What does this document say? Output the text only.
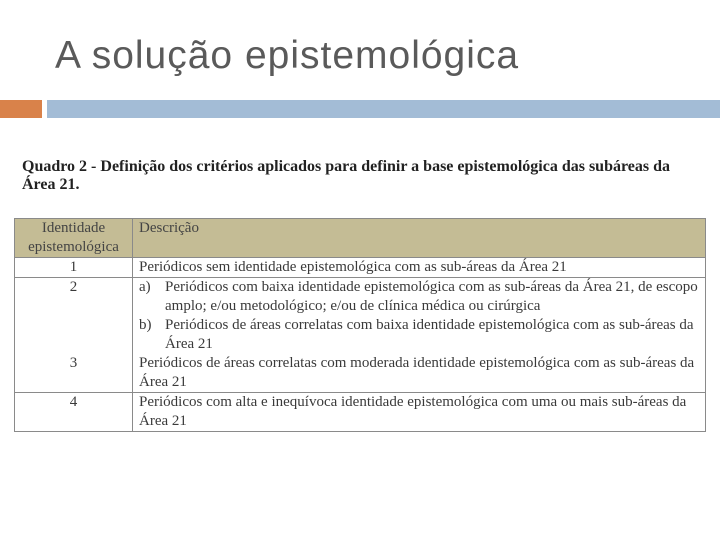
A solução epistemológica

Quadro 2 - Definição dos critérios aplicados para definir a base epistemológica das subáreas da Área 21.

Identidade epistemológica	Descrição
1	Periódicos sem identidade epistemológica com as sub-áreas da Área 21
2	a) Periódicos com baixa identidade epistemológica com as sub-áreas da Área 21, de escopo amplo; e/ou metodológico; e/ou de clínica médica ou cirúrgica
b) Periódicos de áreas correlatas com baixa identidade epistemológica com as sub-áreas da Área 21

3	Periódicos de áreas correlatas com moderada identidade epistemológica com as sub-áreas da Área 21
4	Periódicos com alta e inequívoca identidade epistemológica com uma ou mais sub-áreas da Área 21
